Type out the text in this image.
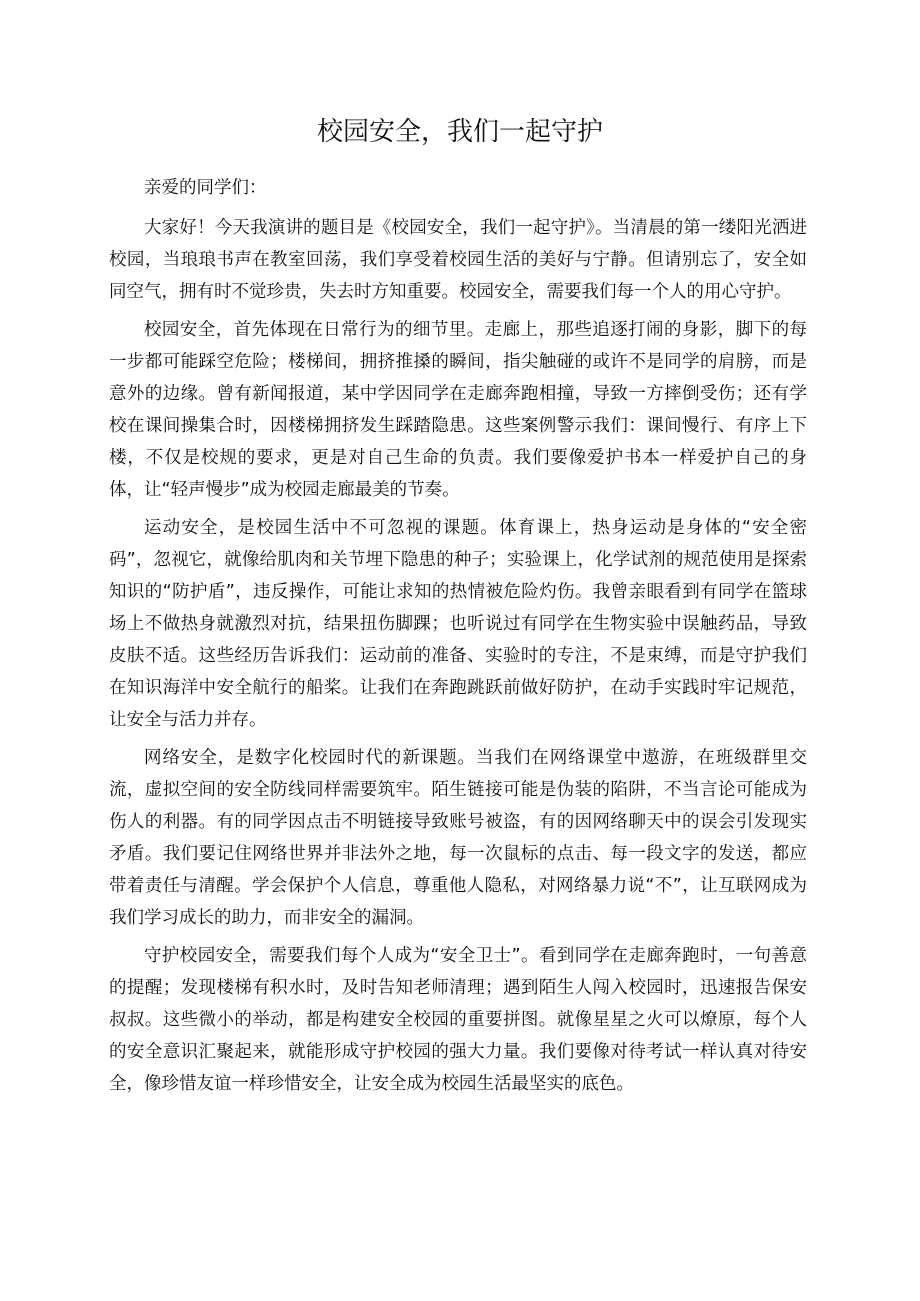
校园安全，我们一起守护

亲爱的同学们：

大家好！今天我演讲的题目是《校园安全，我们一起守护》。当清晨的第一缕阳光洒进校园，当琅琅书声在教室回荡，我们享受着校园生活的美好与宁静。但请别忘了，安全如同空气，拥有时不觉珍贵，失去时方知重要。校园安全，需要我们每一个人的用心守护。

校园安全，首先体现在日常行为的细节里。走廊上，那些追逐打闹的身影，脚下的每一步都可能踩空危险；楼梯间，拥挤推搡的瞬间，指尖触碰的或许不是同学的肩膀，而是意外的边缘。曾有新闻报道，某中学因同学在走廊奔跑相撞，导致一方摔倒受伤；还有学校在课间操集合时，因楼梯拥挤发生踩踏隐患。这些案例警示我们：课间慢行、有序上下楼，不仅是校规的要求，更是对自己生命的负责。我们要像爱护书本一样爱护自己的身体，让“轻声慢步”成为校园走廊最美的节奏。

运动安全，是校园生活中不可忽视的课题。体育课上，热身运动是身体的“安全密码”，忽视它，就像给肌肉和关节埋下隐患的种子；实验课上，化学试剂的规范使用是探索知识的“防护盾”，违反操作，可能让求知的热情被危险灼伤。我曾亲眼看到有同学在篮球场上不做热身就激烈对抗，结果扭伤脚踝；也听说过有同学在生物实验中误触药品，导致皮肤不适。这些经历告诉我们：运动前的准备、实验时的专注，不是束缚，而是守护我们在知识海洋中安全航行的船桨。让我们在奔跑跳跃前做好防护，在动手实践时牢记规范，让安全与活力并存。

网络安全，是数字化校园时代的新课题。当我们在网络课堂中遨游，在班级群里交流，虚拟空间的安全防线同样需要筑牢。陌生链接可能是伪装的陷阱，不当言论可能成为伤人的利器。有的同学因点击不明链接导致账号被盗，有的因网络聊天中的误会引发现实矛盾。我们要记住网络世界并非法外之地，每一次鼠标的点击、每一段文字的发送，都应带着责任与清醒。学会保护个人信息，尊重他人隐私，对网络暴力说“不”，让互联网成为我们学习成长的助力，而非安全的漏洞。

守护校园安全，需要我们每个人成为“安全卫士”。看到同学在走廊奔跑时，一句善意的提醒；发现楼梯有积水时，及时告知老师清理；遇到陌生人闯入校园时，迅速报告保安叔叔。这些微小的举动，都是构建安全校园的重要拼图。就像星星之火可以燎原，每个人的安全意识汇聚起来，就能形成守护校园的强大力量。我们要像对待考试一样认真对待安全，像珍惜友谊一样珍惜安全，让安全成为校园生活最坚实的底色。
